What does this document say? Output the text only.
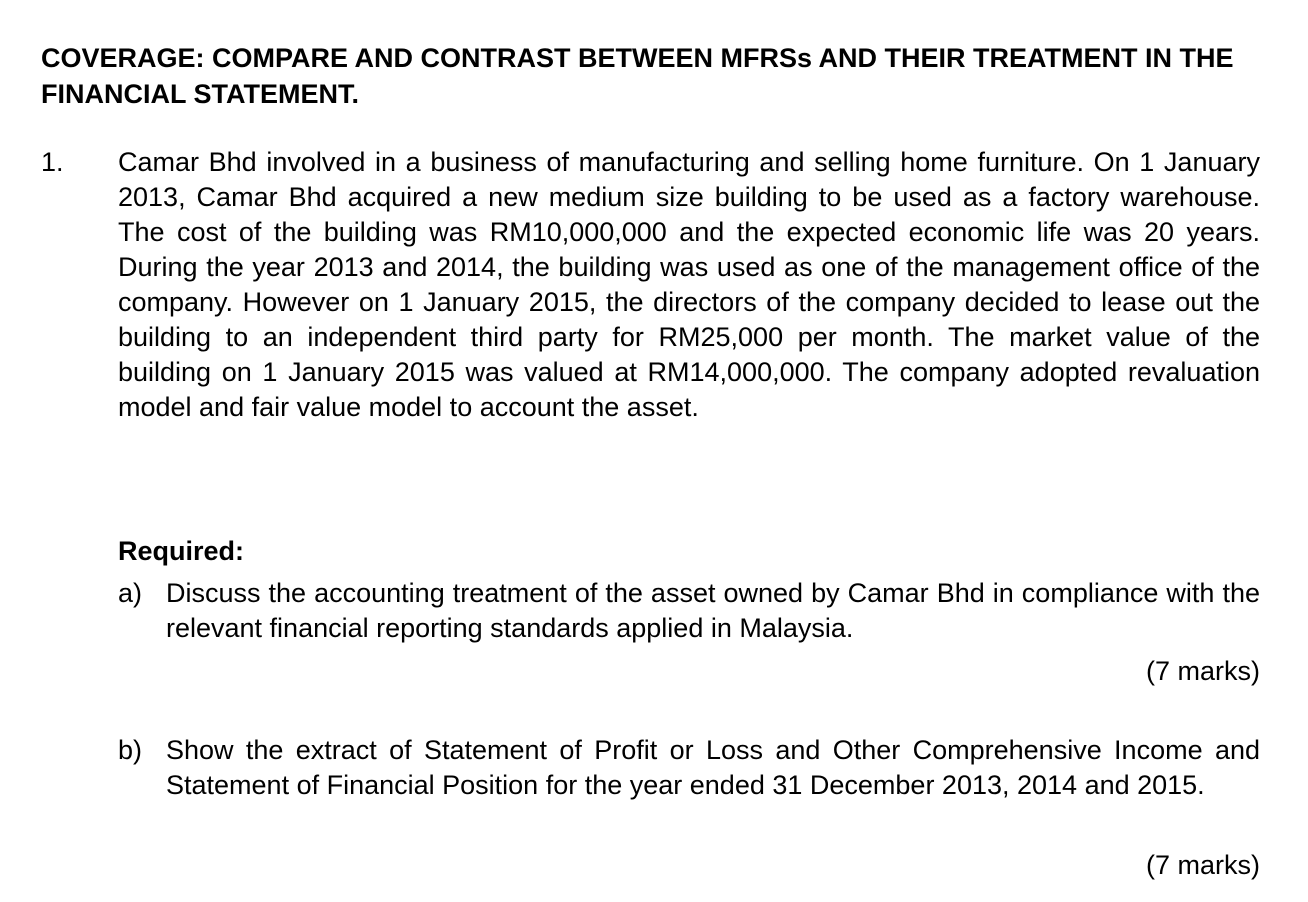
COVERAGE: COMPARE AND CONTRAST BETWEEN MFRSs AND THEIR TREATMENT IN THE FINANCIAL STATEMENT.

1. Camar Bhd involved in a business of manufacturing and selling home furniture. On 1 January 2013, Camar Bhd acquired a new medium size building to be used as a factory warehouse. The cost of the building was RM10,000,000 and the expected economic life was 20 years. During the year 2013 and 2014, the building was used as one of the management office of the company. However on 1 January 2015, the directors of the company decided to lease out the building to an independent third party for RM25,000 per month. The market value of the building on 1 January 2015 was valued at RM14,000,000. The company adopted revaluation model and fair value model to account the asset.

Required:
a) Discuss the accounting treatment of the asset owned by Camar Bhd in compliance with the relevant financial reporting standards applied in Malaysia.

(7 marks)
b) Show the extract of Statement of Profit or Loss and Other Comprehensive Income and Statement of Financial Position for the year ended 31 December 2013, 2014 and 2015.

(7 marks)
